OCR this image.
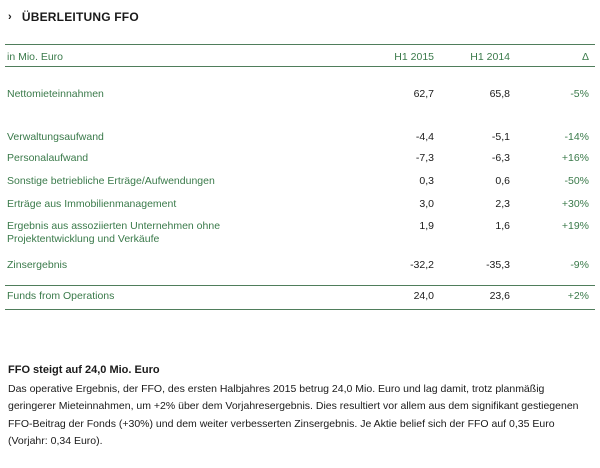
› ÜBERLEITUNG FFO
in Mio. Euro	H1 2015	H1 2014	Δ
Nettomieteinnahmen	62,7	65,8	-5%
Verwaltungsaufwand	-4,4	-5,1	-14%
Personalaufwand	-7,3	-6,3	+16%
Sonstige betriebliche Erträge/Aufwendungen	0,3	0,6	-50%
Erträge aus Immobilienmanagement	3,0	2,3	+30%
Ergebnis aus assoziierten Unternehmen ohne
Projektentwicklung und Verkäufe
1,9	1,6	+19%
Zinsergebnis	-32,2	-35,3	-9%
Funds from Operations	24,0	23,6	+2%
FFO steigt auf 24,0 Mio. Euro
Das operative Ergebnis, der FFO, des ersten Halbjahres 2015 betrug 24,0 Mio. Euro und lag damit, trotz planmäßig geringerer Mieteinnahmen, um +2% über dem Vorjahresergebnis. Dies resultiert vor allem aus dem signifikant gestiegenen FFO-Beitrag der Fonds (+30%) und dem weiter verbesserten Zinsergebnis. Je Aktie belief sich der FFO auf 0,35 Euro (Vorjahr: 0,34 Euro).
